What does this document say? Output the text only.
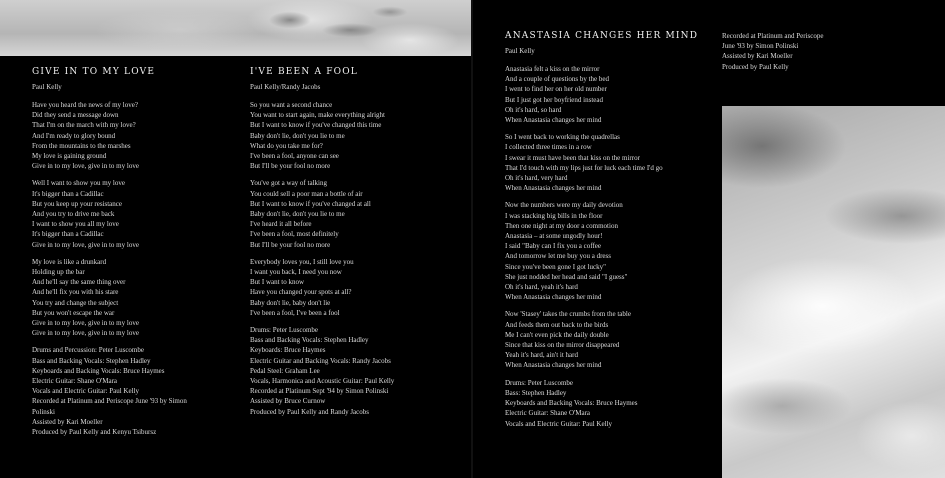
GIVE IN TO MY LOVE
Paul Kelly
Have you heard the news of my love?
Did they send a message down
That I'm on the march with my love?
And I'm ready to glory bound
From the mountains to the marshes
My love is gaining ground
Give in to my love, give in to my love
Well I want to show you my love
It's bigger than a Cadillac
But you keep up your resistance
And you try to drive me back
I want to show you all my love
It's bigger than a Cadillac
Give in to my love, give in to my love
My love is like a drunkard
Holding up the bar
And he'll say the same thing over
And he'll fix you with his stare
You try and change the subject
But you won't escape the war
Give in to my love, give in to my love
Give in to my love, give in to my love
Drums and Percussion: Peter Luscombe
Bass and Backing Vocals: Stephen Hadley
Keyboards and Backing Vocals: Bruce Haymes
Electric Guitar: Shane O'Mara
Vocals and Electric Guitar: Paul Kelly
Recorded at Platinum and Periscope June '93 by Simon
Polinski
Assisted by Kari Moeller
Produced by Paul Kelly and Kenyu Tsibursz
I'VE BEEN A FOOL
Paul Kelly/Randy Jacobs
So you want a second chance
You want to start again, make everything alright
But I want to know if you've changed this time
Baby don't lie, don't you lie to me
What do you take me for?
I've been a fool, anyone can see
But I'll be your fool no more
You've got a way of talking
You could sell a poor man a bottle of air
But I want to know if you've changed at all
Baby don't lie, don't you lie to me
I've heard it all before
I've been a fool, most definitely
But I'll be your fool no more
Everybody loves you, I still love you
I want you back, I need you now
But I want to know
Have you changed your spots at all?
Baby don't lie, baby don't lie
I've been a fool, I've been a fool
Drums: Peter Luscombe
Bass and Backing Vocals: Stephen Hadley
Keyboards: Bruce Haymes
Electric Guitar and Backing Vocals: Randy Jacobs
Pedal Steel: Graham Lee
Vocals, Harmonica and Acoustic Guitar: Paul Kelly
Recorded at Platinum Sept '94 by Simon Polinski
Assisted by Bruce Curnow
Produced by Paul Kelly and Randy Jacobs
ANASTASIA CHANGES HER MIND
Paul Kelly
Anastasia felt a kiss on the mirror
And a couple of questions by the bed
I went to find her on her old number
But I just got her boyfriend instead
Oh it's hard, so hard
When Anastasia changes her mind
So I went back to working the quadrellas
I collected three times in a row
I swear it must have been that kiss on the mirror
That I'd touch with my lips just for luck each time I'd go
Oh it's hard, very hard
When Anastasia changes her mind
Now the numbers were my daily devotion
I was stacking big bills in the floor
Then one night at my door a commotion
Anastasia – at some ungodly hour!
I said "Baby can I fix you a coffee
And tomorrow let me buy you a dress
Since you've been gone I got lucky"
She just nodded her head and said "I guess"
Oh it's hard, yeah it's hard
When Anastasia changes her mind
Now 'Stasey' takes the crumbs from the table
And feeds them out back to the birds
Me I can't even pick the daily double
Since that kiss on the mirror disappeared
Yeah it's hard, ain't it hard
When Anastasia changes her mind
Drums: Peter Luscombe
Bass: Stephen Hadley
Keyboards and Backing Vocals: Bruce Haymes
Electric Guitar: Shane O'Mara
Vocals and Electric Guitar: Paul Kelly
Recorded at Platinum and Periscope
June '93 by Simon Polinski
Assisted by Kari Moeller
Produced by Paul Kelly
